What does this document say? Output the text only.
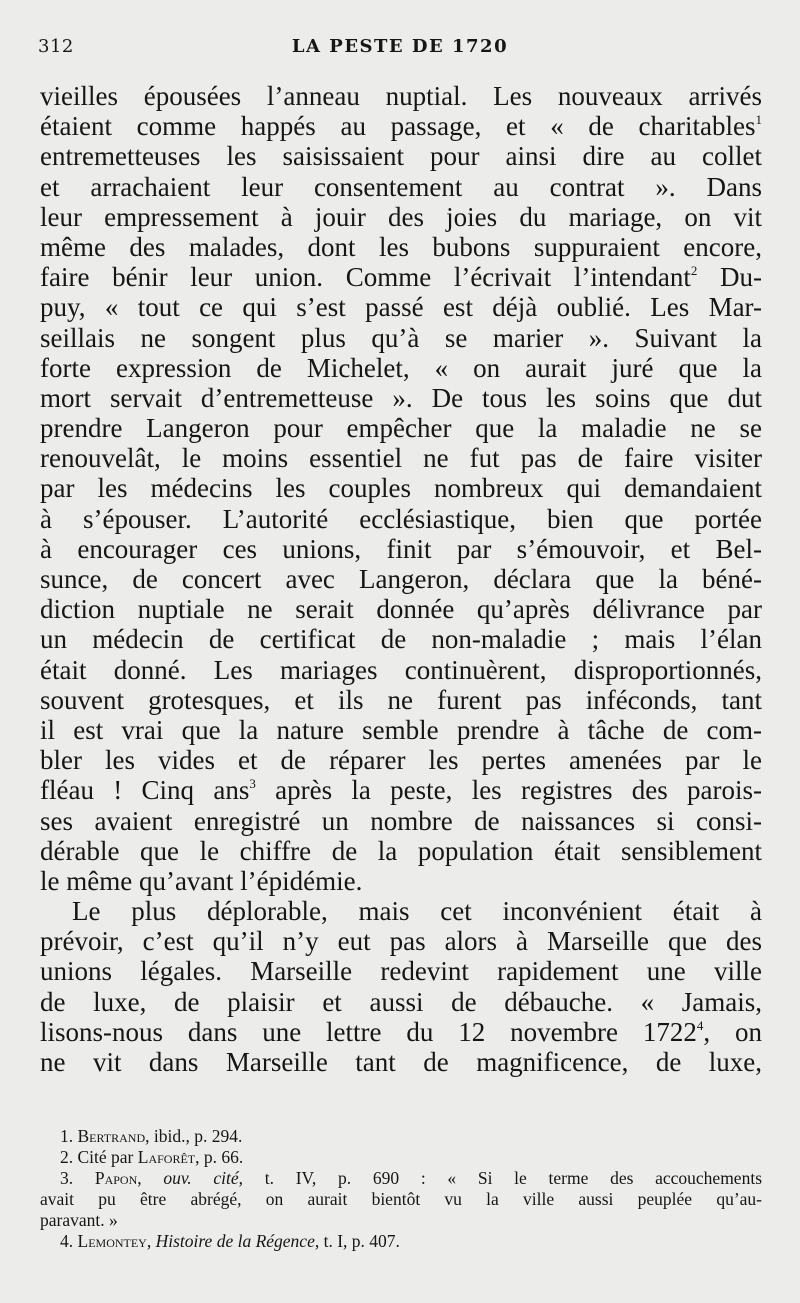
312	LA PESTE DE 1720
vieilles épousées l’anneau nuptial. Les nouveaux arrivés
étaient comme happés au passage, et « de charitables$^1$
entremetteuses les saisissaient pour ainsi dire au collet
et arrachaient leur consentement au contrat ». Dans
leur empressement à jouir des joies du mariage, on vit
même des malades, dont les bubons suppuraient encore,
faire bénir leur union. Comme l’écrivait l’intendant$^2$ Du-
puy, « tout ce qui s’est passé est déjà oublié. Les Mar-
seillais ne songent plus qu’à se marier ». Suivant la
forte expression de Michelet, « on aurait juré que la
mort servait d’entremetteuse ». De tous les soins que dut
prendre Langeron pour empêcher que la maladie ne se
renouvelât, le moins essentiel ne fut pas de faire visiter
par les médecins les couples nombreux qui demandaient
à s’épouser. L’autorité ecclésiastique, bien que portée
à encourager ces unions, finit par s’émouvoir, et Bel-
sunce, de concert avec Langeron, déclara que la béné-
diction nuptiale ne serait donnée qu’après délivrance par
un médecin de certificat de non-maladie ; mais l’élan
était donné. Les mariages continuèrent, disproportionnés,
souvent grotesques, et ils ne furent pas inféconds, tant
il est vrai que la nature semble prendre à tâche de com-
bler les vides et de réparer les pertes amenées par le
fléau ! Cinq ans$^3$ après la peste, les registres des parois-
ses avaient enregistré un nombre de naissances si consi-
dérable que le chiffre de la population était sensiblement
le même qu’avant l’épidémie.
Le plus déplorable, mais cet inconvénient était à
prévoir, c’est qu’il n’y eut pas alors à Marseille que des
unions légales. Marseille redevint rapidement une ville
de luxe, de plaisir et aussi de débauche. « Jamais,
lisons-nous dans une lettre du 12 novembre 1722$^4$, on
ne vit dans Marseille tant de magnificence, de luxe,
1. Bertrand, ibid., p. 294.
2. Cité par Laforêt, p. 66.
3. Papon, ouv. cité, t. IV, p. 690 : « Si le terme des accouchements
avait pu être abrégé, on aurait bientôt vu la ville aussi peuplée qu’au-
paravant. »
4. Lemontey, Histoire de la Régence, t. I, p. 407.
